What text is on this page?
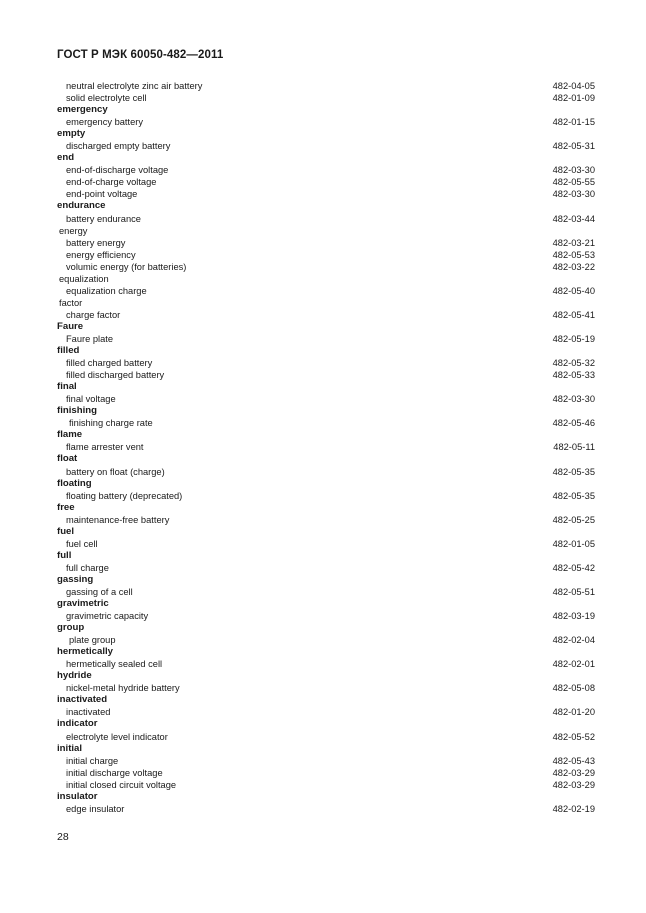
ГОСТ Р МЭК 60050-482—2011
neutral electrolyte zinc air battery	482-04-05
solid electrolyte cell	482-01-09
emergency
emergency battery	482-01-15
empty
discharged empty battery	482-05-31
end
end-of-discharge voltage	482-03-30
end-of-charge voltage	482-05-55
end-point voltage	482-03-30
endurance
battery endurance	482-03-44
energy
battery energy	482-03-21
energy efficiency	482-05-53
volumic energy (for batteries)	482-03-22
equalization
equalization charge	482-05-40
factor
charge factor	482-05-41
Faure
Faure plate	482-05-19
filled
filled charged battery	482-05-32
filled discharged battery	482-05-33
final
final voltage	482-03-30
finishing
finishing charge rate	482-05-46
flame
flame arrester vent	482-05-11
float
battery on float (charge)	482-05-35
floating
floating battery (deprecated)	482-05-35
free
maintenance-free battery	482-05-25
fuel
fuel cell	482-01-05
full
full charge	482-05-42
gassing
gassing of a cell	482-05-51
gravimetric
gravimetric capacity	482-03-19
group
plate group	482-02-04
hermetically
hermetically sealed cell	482-02-01
hydride
nickel-metal hydride battery	482-05-08
inactivated
inactivated	482-01-20
indicator
electrolyte level indicator	482-05-52
initial
initial charge	482-05-43
initial discharge voltage	482-03-29
initial closed circuit voltage	482-03-29
insulator
edge insulator	482-02-19
28
